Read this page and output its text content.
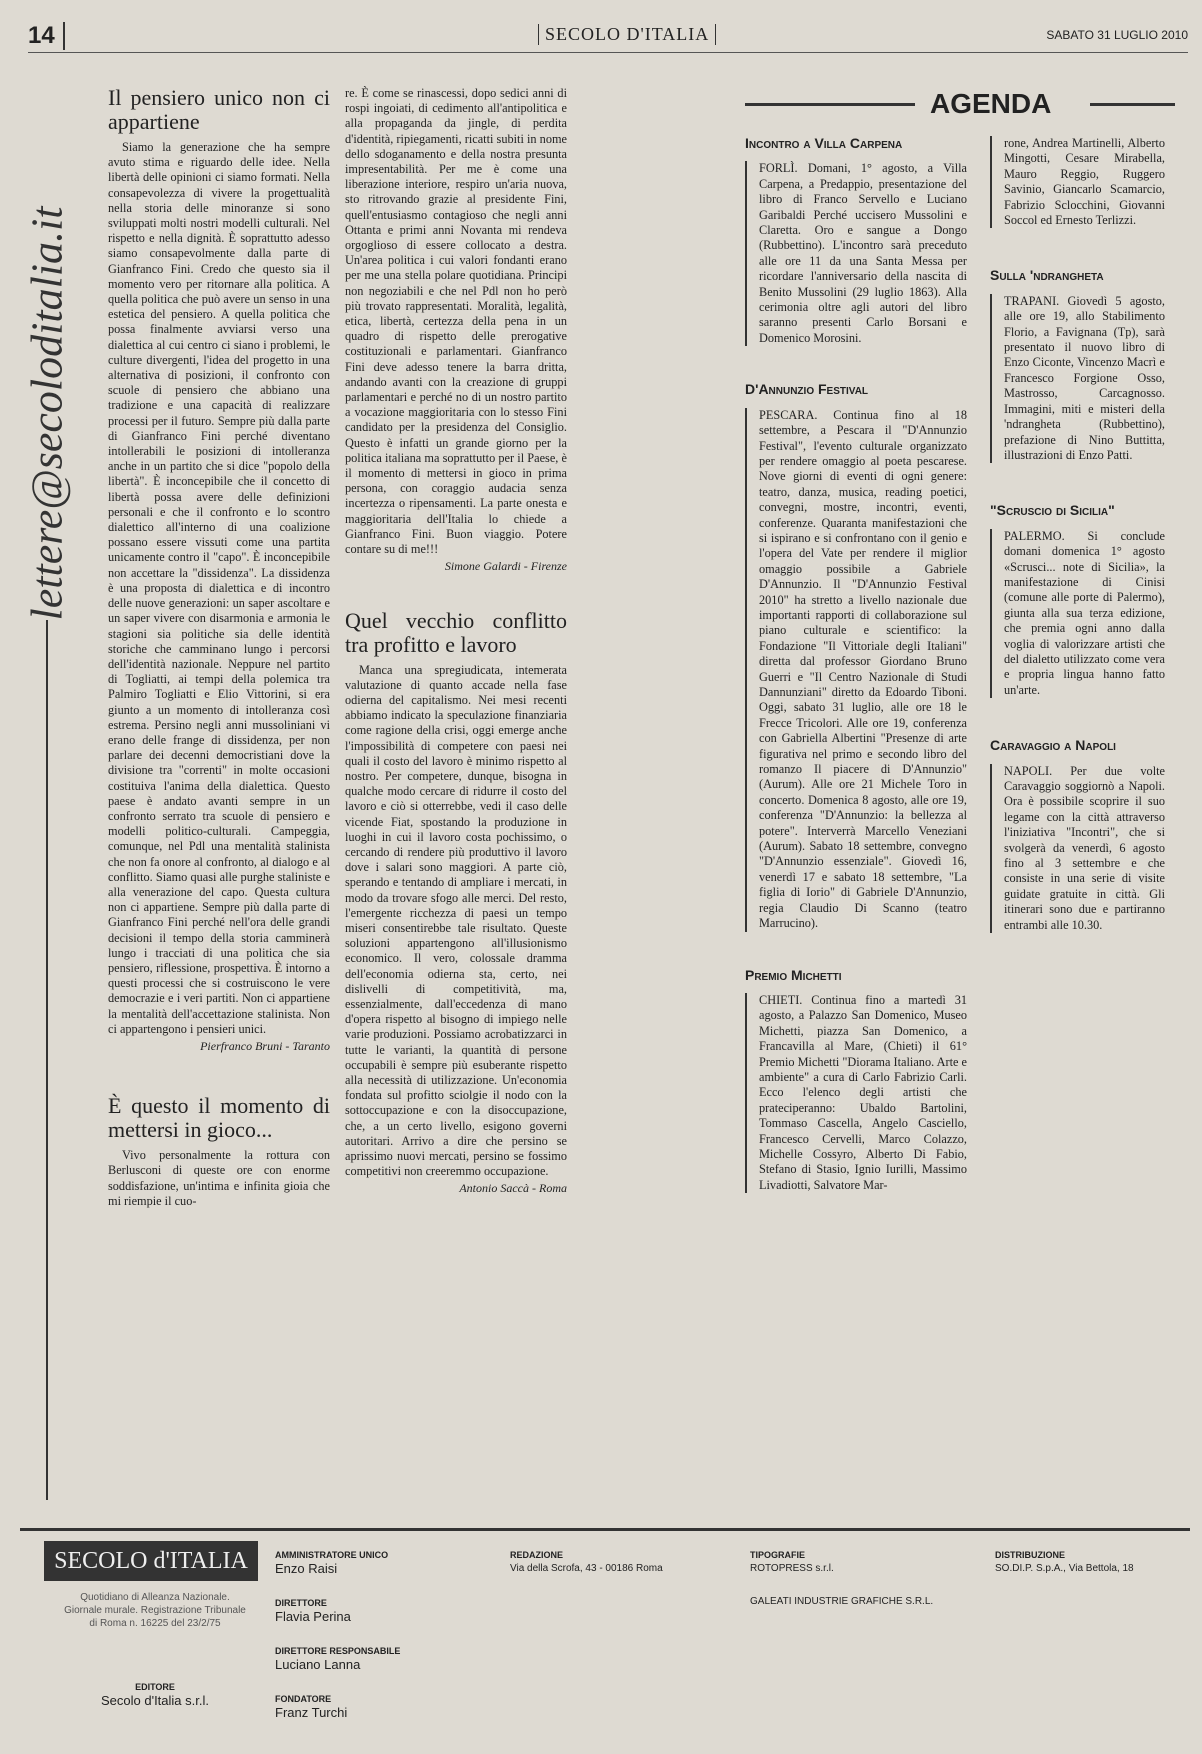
14	SECOLO D'ITALIA	SABATO 31 LUGLIO 2010
lettere@secoloditalia.it
Il pensiero unico non ci appartiene

Siamo la generazione che ha sempre avuto stima e riguardo delle idee. Nella libertà delle opinioni ci siamo formati. Nella consapevolezza di vivere la progettualità nella storia delle minoranze si sono sviluppati molti nostri modelli culturali. Nel rispetto e nella dignità. È soprattutto adesso siamo consapevolmente dalla parte di Gianfranco Fini. Credo che questo sia il momento vero per ritornare alla politica. A quella politica che può avere un senso in una estetica del pensiero. A quella politica che possa finalmente avviarsi verso una dialettica al cui centro ci siano i problemi, le culture divergenti, l'idea del progetto in una alternativa di posizioni, il confronto con scuole di pensiero che abbiano una tradizione e una capacità di realizzare processi per il futuro. Sempre più dalla parte di Gianfranco Fini perché diventano intollerabili le posizioni di intolleranza anche in un partito che si dice "popolo della libertà". È inconcepibile che il concetto di libertà possa avere delle definizioni personali e che il confronto e lo scontro dialettico all'interno di una coalizione possano essere vissuti come una partita unicamente contro il "capo". È inconcepibile non accettare la "dissidenza". La dissidenza è una proposta di dialettica e di incontro delle nuove generazioni: un saper ascoltare e un saper vivere con disarmonia e armonia le stagioni sia politiche sia delle identità storiche che camminano lungo i percorsi dell'identità nazionale. Neppure nel partito di Togliatti, ai tempi della polemica tra Palmiro Togliatti e Elio Vittorini, si era giunto a un momento di intolleranza così estrema. Persino negli anni mussoliniani vi erano delle frange di dissidenza, per non parlare dei decenni democristiani dove la divisione tra "correnti" in molte occasioni costituiva l'anima della dialettica. Questo paese è andato avanti sempre in un confronto serrato tra scuole di pensiero e modelli politico-culturali. Campeggia, comunque, nel Pdl una mentalità stalinista che non fa onore al confronto, al dialogo e al conflitto. Siamo quasi alle purghe staliniste e alla venerazione del capo. Questa cultura non ci appartiene. Sempre più dalla parte di Gianfranco Fini perché nell'ora delle grandi decisioni il tempo della storia camminerà lungo i tracciati di una politica che sia pensiero, riflessione, prospettiva. È intorno a questi processi che si costruiscono le vere democrazie e i veri partiti. Non ci appartiene la mentalità dell'accettazione stalinista. Non ci appartengono i pensieri unici.

Pierfranco Bruni - Taranto
È questo il momento di mettersi in gioco...

Vivo personalmente la rottura con Berlusconi di queste ore con enorme soddisfazione, un'intima e infinita gioia che mi riempie il cuo-

re. È come se rinascessi, dopo sedici anni di rospi ingoiati, di cedimento all'antipolitica e alla propaganda da jingle, di perdita d'identità, ripiegamenti, ricatti subiti in nome dello sdoganamento e della nostra presunta impresentabilità. Per me è come una liberazione interiore, respiro un'aria nuova, sto ritrovando grazie al presidente Fini, quell'entusiasmo contagioso che negli anni Ottanta e primi anni Novanta mi rendeva orgoglioso di essere collocato a destra. Un'area politica i cui valori fondanti erano per me una stella polare quotidiana. Principi non negoziabili e che nel Pdl non ho però più trovato rappresentati. Moralità, legalità, etica, libertà, certezza della pena in un quadro di rispetto delle prerogative costituzionali e parlamentari. Gianfranco Fini deve adesso tenere la barra dritta, andando avanti con la creazione di gruppi parlamentari e perché no di un nostro partito a vocazione maggioritaria con lo stesso Fini candidato per la presidenza del Consiglio. Questo è infatti un grande giorno per la politica italiana ma soprattutto per il Paese, è il momento di mettersi in gioco in prima persona, con coraggio audacia senza incertezza o ripensamenti. La parte onesta e maggioritaria dell'Italia lo chiede a Gianfranco Fini. Buon viaggio. Potere contare su di me!!!

Simone Galardi - Firenze
Quel vecchio conflitto tra profitto e lavoro

Manca una spregiudicata, intemerata valutazione di quanto accade nella fase odierna del capitalismo. Nei mesi recenti abbiamo indicato la speculazione finanziaria come ragione della crisi, oggi emerge anche l'impossibilità di competere con paesi nei quali il costo del lavoro è minimo rispetto al nostro. Per competere, dunque, bisogna in qualche modo cercare di ridurre il costo del lavoro e ciò si otterrebbe, vedi il caso delle vicende Fiat, spostando la produzione in luoghi in cui il lavoro costa pochissimo, o cercando di rendere più produttivo il lavoro dove i salari sono maggiori. A parte ciò, sperando e tentando di ampliare i mercati, in modo da trovare sfogo alle merci. Del resto, l'emergente ricchezza di paesi un tempo miseri consentirebbe tale risultato. Queste soluzioni appartengono all'illusionismo economico. Il vero, colossale dramma dell'economia odierna sta, certo, nei dislivelli di competitività, ma, essenzialmente, dall'eccedenza di mano d'opera rispetto al bisogno di impiego nelle varie produzioni. Possiamo acrobatizzarci in tutte le varianti, la quantità di persone occupabili è sempre più esuberante rispetto alla necessità di utilizzazione. Un'economia fondata sul profitto sciolgie il nodo con la sottoccupazione e con la disoccupazione, che, a un certo livello, esigono governi autoritari. Arrivo a dire che persino se aprissimo nuovi mercati, persino se fossimo competitivi non creeremmo occupazione.

Antonio Saccà - Roma
AGENDA
Incontro a Villa Carpena

FORLÌ. Domani, 1° agosto, a Villa Carpena, a Predappio, presentazione del libro di Franco Servello e Luciano Garibaldi Perché uccisero Mussolini e Claretta. Oro e sangue a Dongo (Rubbettino). L'incontro sarà preceduto alle ore 11 da una Santa Messa per ricordare l'anniversario della nascita di Benito Mussolini (29 luglio 1863). Alla cerimonia oltre agli autori del libro saranno presenti Carlo Borsani e Domenico Morosini.

D'Annunzio Festival

PESCARA. Continua fino al 18 settembre, a Pescara il "D'Annunzio Festival", l'evento culturale organizzato per rendere omaggio al poeta pescarese. Nove giorni di eventi di ogni genere: teatro, danza, musica, reading poetici, convegni, mostre, incontri, eventi, conferenze. Quaranta manifestazioni che si ispirano e si confrontano con il genio e l'opera del Vate per rendere il miglior omaggio possibile a Gabriele D'Annunzio. Il "D'Annunzio Festival 2010" ha stretto a livello nazionale due importanti rapporti di collaborazione sul piano culturale e scientifico: la Fondazione "Il Vittoriale degli Italiani" diretta dal professor Giordano Bruno Guerri e "Il Centro Nazionale di Studi Dannunziani" diretto da Edoardo Tiboni. Oggi, sabato 31 luglio, alle ore 18 le Frecce Tricolori. Alle ore 19, conferenza con Gabriella Albertini "Presenze di arte figurativa nel primo e secondo libro del romanzo Il piacere di D'Annunzio" (Aurum). Alle ore 21 Michele Toro in concerto. Domenica 8 agosto, alle ore 19, conferenza "D'Annunzio: la bellezza al potere". Interverrà Marcello Veneziani (Aurum). Sabato 18 settembre, convegno "D'Annunzio essenziale". Giovedì 16, venerdì 17 e sabato 18 settembre, "La figlia di Iorio" di Gabriele D'Annunzio, regia Claudio Di Scanno (teatro Marrucino).

Premio Michetti

CHIETI. Continua fino a martedì 31 agosto, a Palazzo San Domenico, Museo Michetti, piazza San Domenico, a Francavilla al Mare, (Chieti) il 61° Premio Michetti "Diorama Italiano. Arte e ambiente" a cura di Carlo Fabrizio Carli. Ecco l'elenco degli artisti che prateciperanno: Ubaldo Bartolini, Tommaso Cascella, Angelo Casciello, Francesco Cervelli, Marco Colazzo, Michelle Cossyro, Alberto Di Fabio, Stefano di Stasio, Ignio Iurilli, Massimo Livadiotti, Salvatore Mar-

rone, Andrea Martinelli, Alberto Mingotti, Cesare Mirabella, Mauro Reggio, Ruggero Savinio, Giancarlo Scamarcio, Fabrizio Sclocchini, Giovanni Soccol ed Ernesto Terlizzi.

Sulla 'ndrangheta

TRAPANI. Giovedì 5 agosto, alle ore 19, allo Stabilimento Florio, a Favignana (Tp), sarà presentato il nuovo libro di Enzo Ciconte, Vincenzo Macrì e Francesco Forgione Osso, Mastrosso, Carcagnosso. Immagini, miti e misteri della 'ndrangheta (Rubbettino), prefazione di Nino Buttitta, illustrazioni di Enzo Patti.

"Scruscio di Sicilia"

PALERMO. Si conclude domani domenica 1° agosto «Scrusci... note di Sicilia», la manifestazione di Cinisi (comune alle porte di Palermo), giunta alla sua terza edizione, che premia ogni anno dalla voglia di valorizzare artisti che del dialetto utilizzato come vera e propria lingua hanno fatto un'arte.

Caravaggio a Napoli

NAPOLI. Per due volte Caravaggio soggiornò a Napoli. Ora è possibile scoprire il suo legame con la città attraverso l'iniziativa "Incontri", che si svolgerà da venerdì, 6 agosto fino al 3 settembre e che consiste in una serie di visite guidate gratuite in città. Gli itinerari sono due e partiranno entrambi alle 10.30.

SECOLO d'ITALIA
Quotidiano di Alleanza Nazionale. Giornale murale. Registrazione Tribunale di Roma n. 16225 del 23/2/75
EDITORE
Secolo d'Italia s.r.l.
AMMINISTRATORE UNICO
Enzo Raisi
DIRETTORE
Flavia Perina
DIRETTORE RESPONSABILE
Luciano Lanna
FONDATORE
Franz Turchi
REDAZIONE
Via della Scrofa, 43 - 00186 Roma
TIPOGRAFIE
ROTOPRESS s.r.l.
GALEATI INDUSTRIE GRAFICHE S.R.L.
DISTRIBUZIONE
SO.DI.P. S.p.A., Via Bettola, 18
